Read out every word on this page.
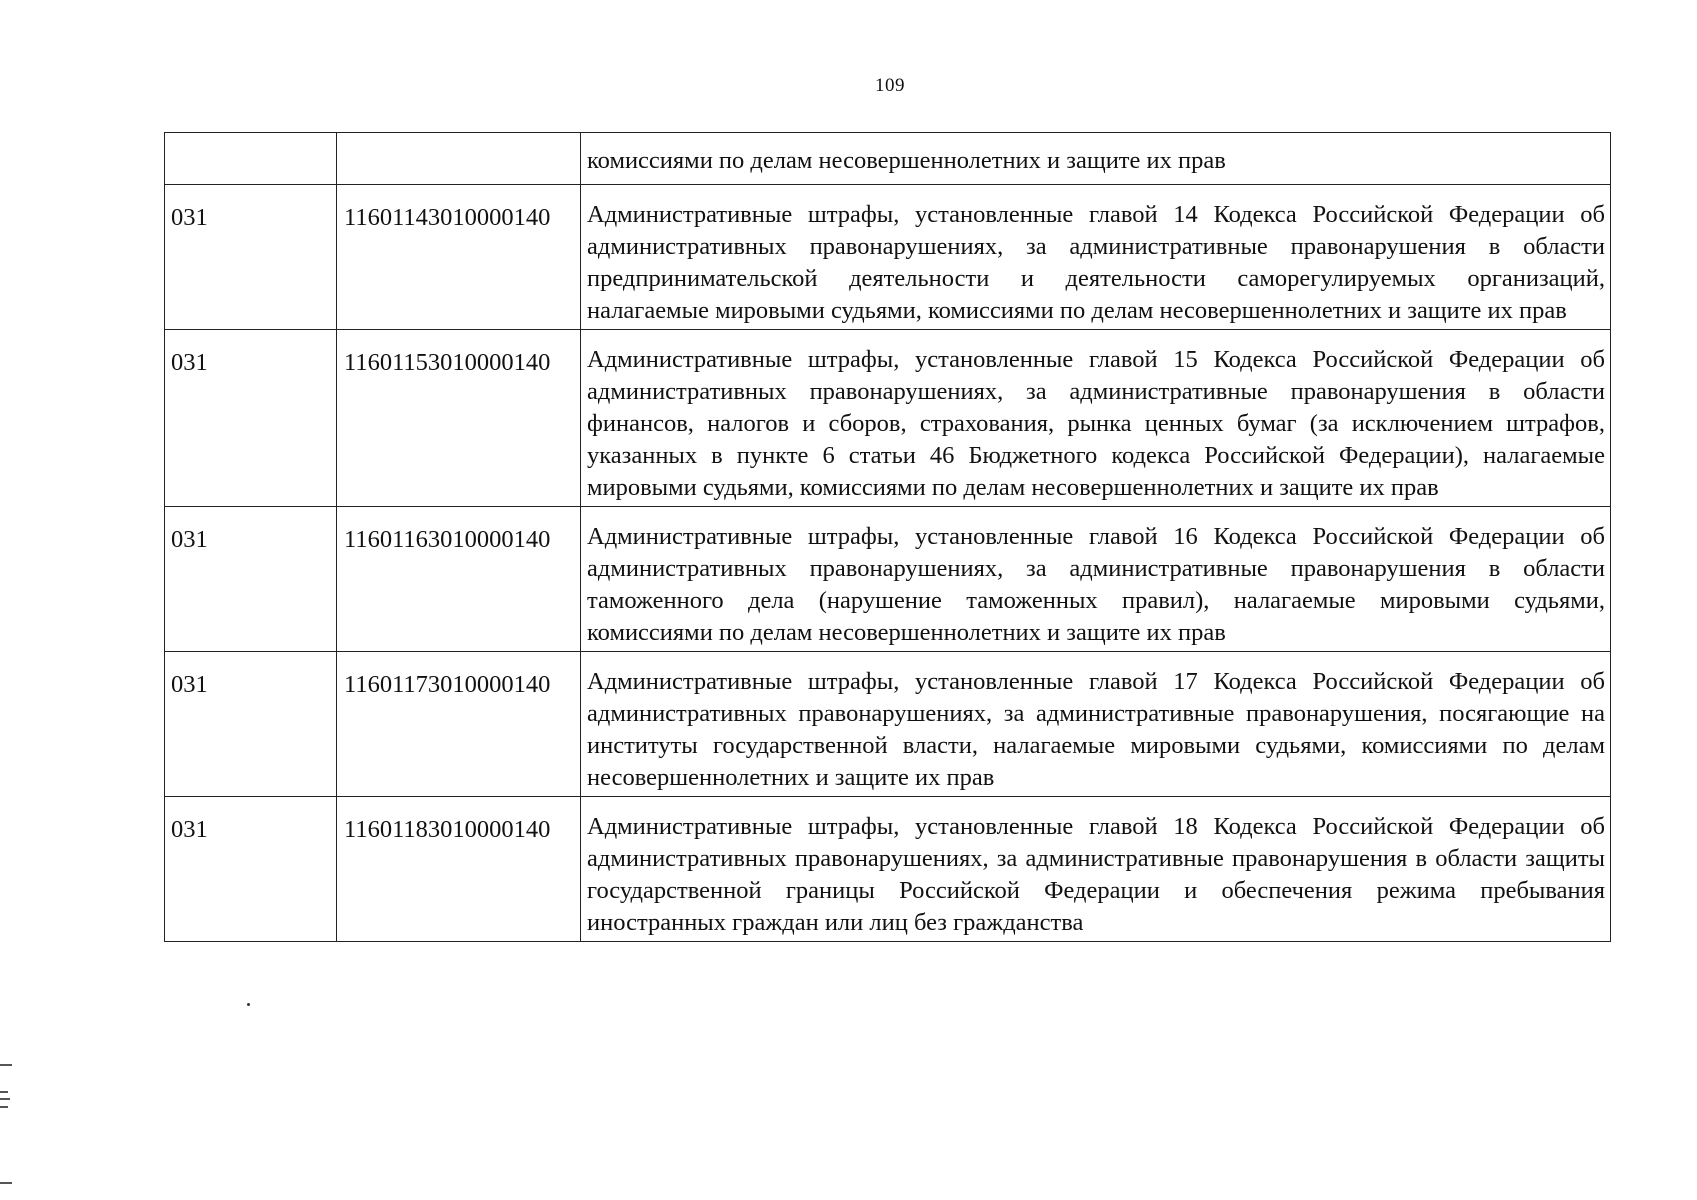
109
		комиссиями по делам несовершеннолетних и защите их прав
031	11601143010000140	Административные штрафы, установленные главой 14 Кодекса Российской Федерации об административных правонарушениях, за административные правонарушения в области предпринимательской деятельности и деятельности саморегулируемых организаций, налагаемые мировыми судьями, комиссиями по делам несовершеннолетних и защите их прав
031	11601153010000140	Административные штрафы, установленные главой 15 Кодекса Российской Федерации об административных правонарушениях, за административные правонарушения в области финансов, налогов и сборов, страхования, рынка ценных бумаг (за исключением штрафов, указанных в пункте 6 статьи 46 Бюджетного кодекса Российской Федерации), налагаемые мировыми судьями, комиссиями по делам несовершеннолетних и защите их прав
031	11601163010000140	Административные штрафы, установленные главой 16 Кодекса Российской Федерации об административных правонарушениях, за административные правонарушения в области таможенного дела (нарушение таможенных правил), налагаемые мировыми судьями, комиссиями по делам несовершеннолетних и защите их прав
031	11601173010000140	Административные штрафы, установленные главой 17 Кодекса Российской Федерации об административных правонарушениях, за административные правонарушения, посягающие на институты государственной власти, налагаемые мировыми судьями, комиссиями по делам несовершеннолетних и защите их прав
031	11601183010000140	Административные штрафы, установленные главой 18 Кодекса Российской Федерации об административных правонарушениях, за административные правонарушения в области защиты государственной границы Российской Федерации и обеспечения режима пребывания иностранных граждан или лиц без гражданства
